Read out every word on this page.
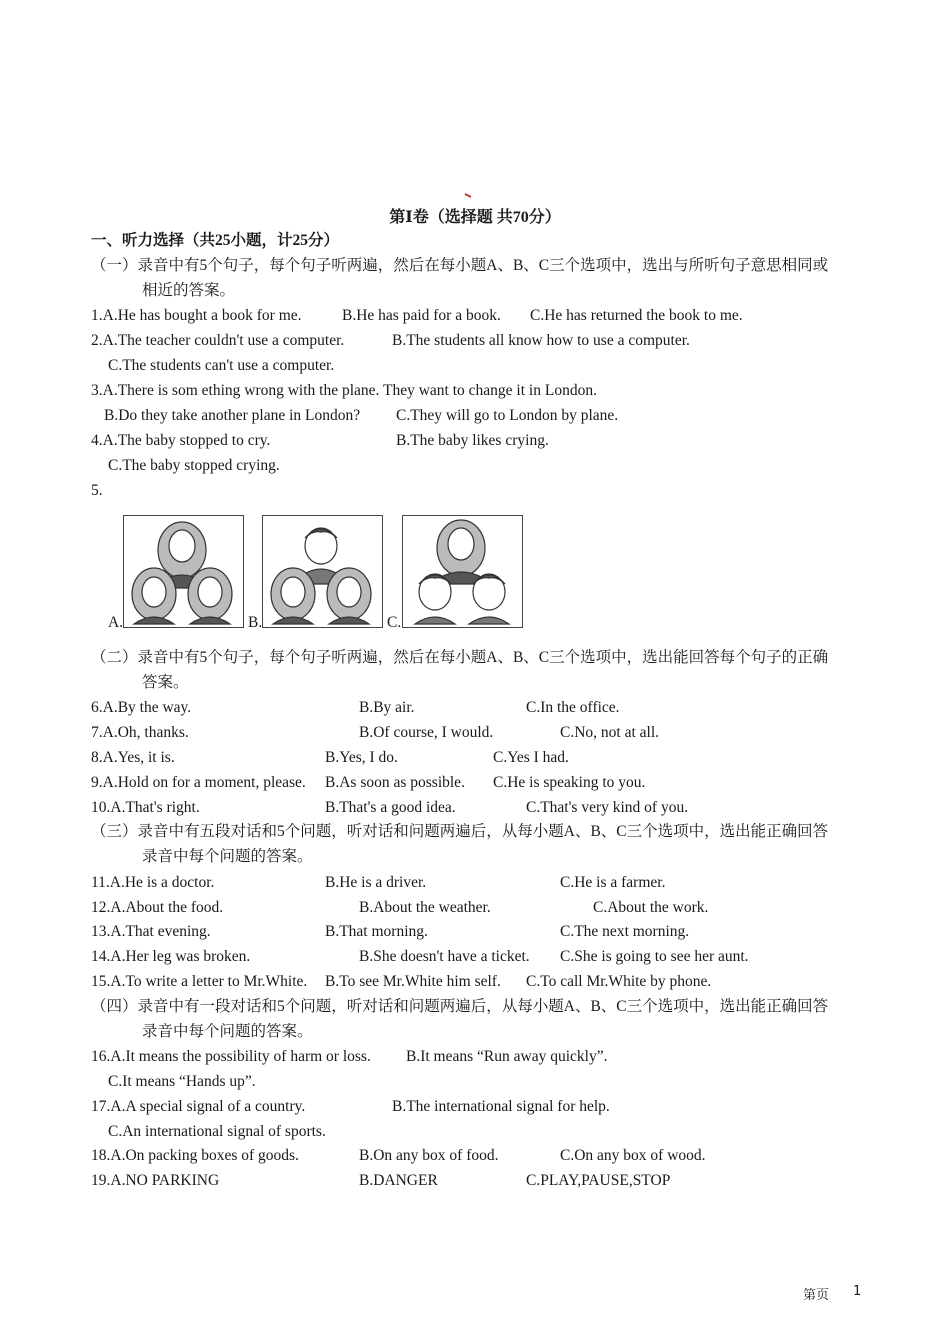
第Ⅰ卷（选择题 共70分）
一、听力选择（共25小题，计25分）
（一）录音中有5个句子，每个句子听两遍，然后在每小题A、B、C三个选项中，选出与所听句子意思相同或
相近的答案。
1.A.He has bought a book for me.	B.He has paid for a book. C.He has returned the book to me.
2.A.The teacher couldn't use a computer.	B.The students all know how to use a computer.
C.The students can't use a computer.
3.A.There is som ething wrong with the plane. They want to change it in London.
B.Do they take another plane in London? C.They will go to London by plane.
4.A.The baby stopped to cry.	B.The baby likes crying.
C.The baby stopped crying.
5.
A.	B.	C.
（二）录音中有5个句子，每个句子听两遍，然后在每小题A、B、C三个选项中，选出能回答每个句子的正确
答案。
6.A.By the way.	B.By air.	C.In the office.
7.A.Oh, thanks.	B.Of course, I would.	C.No, not at all.
8.A.Yes, it is.	B.Yes, I do.	C.Yes I had.
9.A.Hold on for a moment, please. B.As soon as possible. C.He is speaking to you.
10.A.That's right.	B.That's a good idea.	C.That's very kind of you.
（三）录音中有五段对话和5个问题，听对话和问题两遍后，从每小题A、B、C三个选项中，选出能正确回答
录音中每个问题的答案。
11.A.He is a doctor.	B.He is a driver.	C.He is a farmer.
12.A.About the food.	B.About the weather.	C.About the work.
13.A.That evening.	B.That morning.	C.The next morning.
14.A.Her leg was broken.	B.She doesn't have a ticket. C.She is going to see her aunt.
15.A.To write a letter to Mr.White. B.To see Mr.White him self. C.To call Mr.White by phone.
（四）录音中有一段对话和5个问题，听对话和问题两遍后，从每小题A、B、C三个选项中，选出能正确回答
录音中每个问题的答案。
16.A.It means the possibility of harm or loss. B.It means “Run away quickly”.
C.It means “Hands up”.
17.A.A special signal of a country.	B.The international signal for help.
C.An international signal of sports.
18.A.On packing boxes of goods.	B.On any box of food.	C.On any box of wood.
19.A.NO PARKING	B.DANGER	C.PLAY,PAUSE,STOP
第页 1
